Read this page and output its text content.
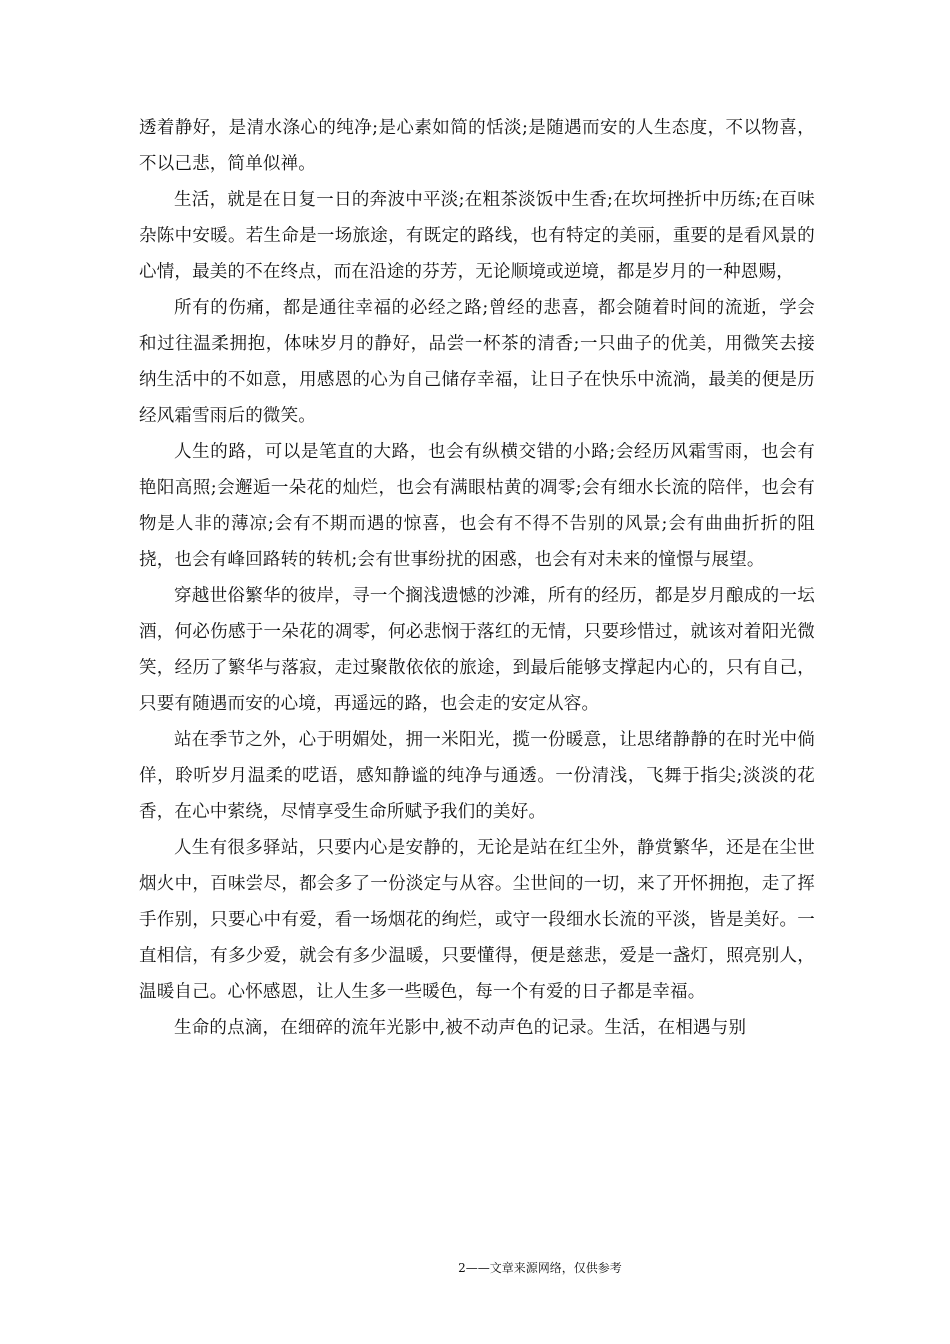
透着静好，是清水涤心的纯净;是心素如简的恬淡;是随遇而安的人生态度，不以物喜，不以己悲，简单似禅。

生活，就是在日复一日的奔波中平淡;在粗茶淡饭中生香;在坎坷挫折中历练;在百味杂陈中安暖。若生命是一场旅途，有既定的路线，也有特定的美丽，重要的是看风景的心情，最美的不在终点，而在沿途的芬芳，无论顺境或逆境，都是岁月的一种恩赐，

所有的伤痛，都是通往幸福的必经之路;曾经的悲喜，都会随着时间的流逝，学会和过往温柔拥抱，体味岁月的静好，品尝一杯茶的清香;一只曲子的优美，用微笑去接纳生活中的不如意，用感恩的心为自己储存幸福，让日子在快乐中流淌，最美的便是历经风霜雪雨后的微笑。

人生的路，可以是笔直的大路，也会有纵横交错的小路;会经历风霜雪雨，也会有艳阳高照;会邂逅一朵花的灿烂，也会有满眼枯黄的凋零;会有细水长流的陪伴，也会有物是人非的薄凉;会有不期而遇的惊喜，也会有不得不告别的风景;会有曲曲折折的阻挠，也会有峰回路转的转机;会有世事纷扰的困惑，也会有对未来的憧憬与展望。

穿越世俗繁华的彼岸，寻一个搁浅遗憾的沙滩，所有的经历，都是岁月酿成的一坛酒，何必伤感于一朵花的凋零，何必悲悯于落红的无情，只要珍惜过，就该对着阳光微笑，经历了繁华与落寂，走过聚散依依的旅途，到最后能够支撑起内心的，只有自己，只要有随遇而安的心境，再遥远的路，也会走的安定从容。

站在季节之外，心于明媚处，拥一米阳光，揽一份暖意，让思绪静静的在时光中倘佯，聆听岁月温柔的呓语，感知静谧的纯净与通透。一份清浅，飞舞于指尖;淡淡的花香，在心中萦绕，尽情享受生命所赋予我们的美好。

人生有很多驿站，只要内心是安静的，无论是站在红尘外，静赏繁华，还是在尘世烟火中，百味尝尽，都会多了一份淡定与从容。尘世间的一切，来了开怀拥抱，走了挥手作别，只要心中有爱，看一场烟花的绚烂，或守一段细水长流的平淡，皆是美好。一直相信，有多少爱，就会有多少温暖，只要懂得，便是慈悲，爱是一盏灯，照亮别人，温暖自己。心怀感恩，让人生多一些暖色，每一个有爱的日子都是幸福。

生命的点滴，在细碎的流年光影中,被不动声色的记录。生活，在相遇与别

2——文章来源网络，仅供参考
